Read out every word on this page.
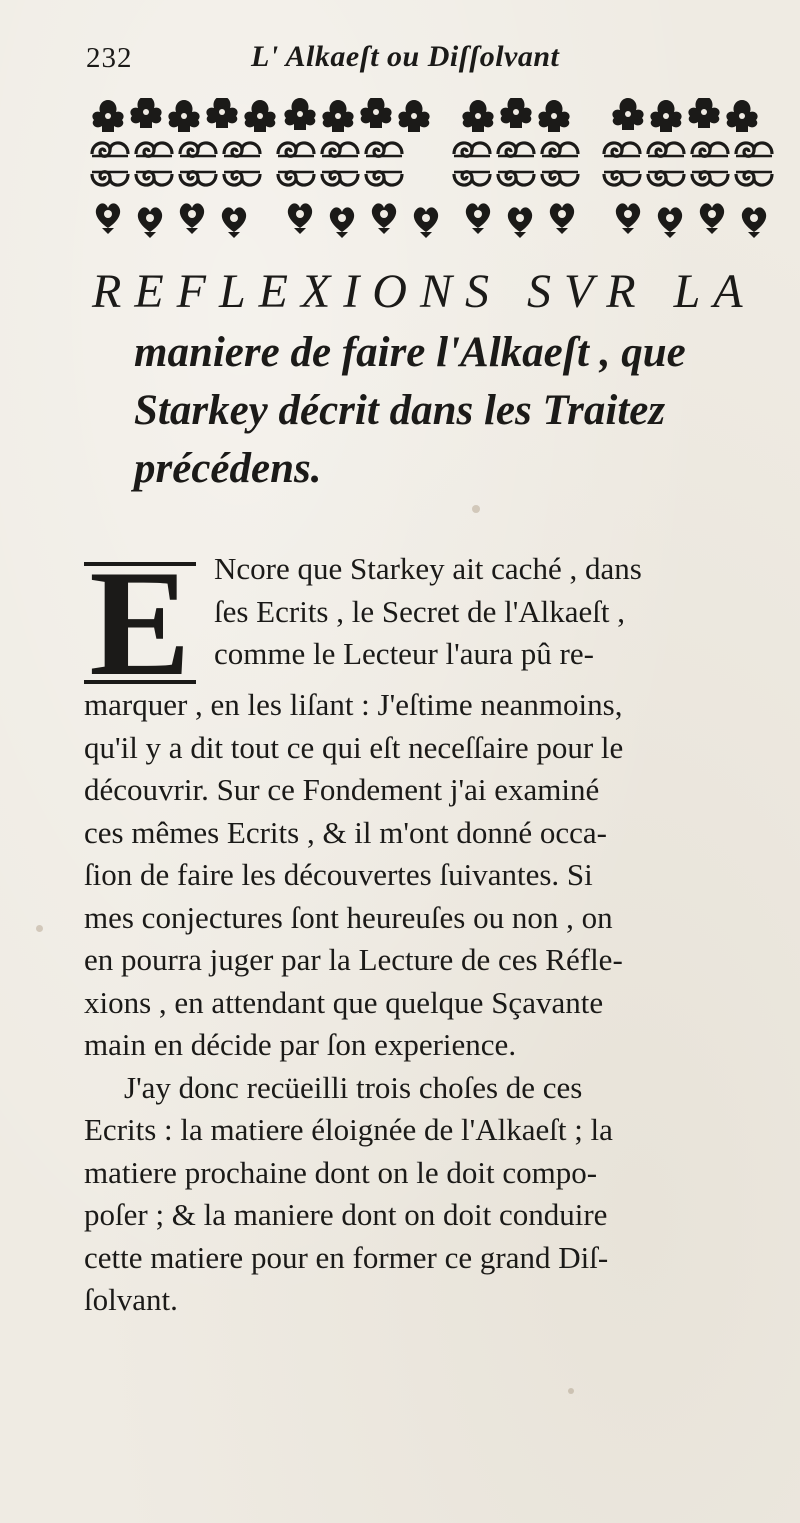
232	L' Alkaeſt ou Diſſolvant
REFLEXIONS SVR LA
maniere de faire l'Alkaeſt , que
Starkey décrit dans les Traitez
précédens.
E Ncore que Starkey ait caché , dans
ſes Ecrits , le Secret de l'Alkaeſt ,
comme le Lecteur l'aura pû re-
marquer , en les liſant : J'eſtime neanmoins,
qu'il y a dit tout ce qui eſt neceſſaire pour le
découvrir. Sur ce Fondement j'ai examiné
ces mêmes Ecrits , & il m'ont donné occa-
ſion de faire les découvertes ſuivantes. Si
mes conjectures ſont heureuſes ou non , on
en pourra juger par la Lecture de ces Réfle-
xions , en attendant que quelque Sçavante
main en décide par ſon experience.
J'ay donc recüeilli trois choſes de ces
Ecrits : la matiere éloignée de l'Alkaeſt ; la
matiere prochaine dont on le doit compo-
poſer ; & la maniere dont on doit conduire
cette matiere pour en former ce grand Diſ-
ſolvant.
